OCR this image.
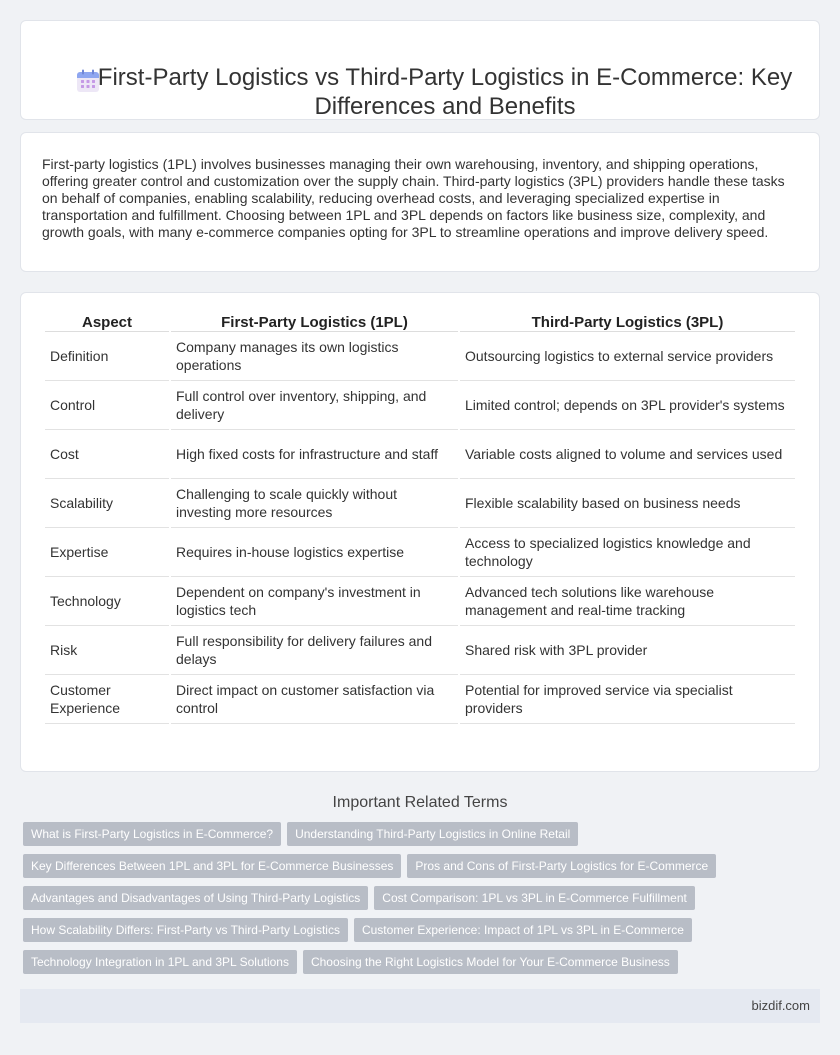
First-Party Logistics vs Third-Party Logistics in E-Commerce: Key Differences and Benefits

First-party logistics (1PL) involves businesses managing their own warehousing, inventory, and shipping operations, offering greater control and customization over the supply chain. Third-party logistics (3PL) providers handle these tasks on behalf of companies, enabling scalability, reducing overhead costs, and leveraging specialized expertise in transportation and fulfillment. Choosing between 1PL and 3PL depends on factors like business size, complexity, and growth goals, with many e-commerce companies opting for 3PL to streamline operations and improve delivery speed.

Aspect	First-Party Logistics (1PL)	Third-Party Logistics (3PL)
Definition	Company manages its own logistics operations	Outsourcing logistics to external service providers
Control	Full control over inventory, shipping, and delivery	Limited control; depends on 3PL provider's systems
Cost	High fixed costs for infrastructure and staff	Variable costs aligned to volume and services used
Scalability	Challenging to scale quickly without investing more resources	Flexible scalability based on business needs
Expertise	Requires in-house logistics expertise	Access to specialized logistics knowledge and technology
Technology	Dependent on company's investment in logistics tech	Advanced tech solutions like warehouse management and real-time tracking
Risk	Full responsibility for delivery failures and delays	Shared risk with 3PL provider
Customer Experience	Direct impact on customer satisfaction via control	Potential for improved service via specialist providers
Important Related Terms
What is First-Party Logistics in E-Commerce? Understanding Third-Party Logistics in Online Retail
Key Differences Between 1PL and 3PL for E-Commerce Businesses Pros and Cons of First-Party Logistics for E-Commerce
Advantages and Disadvantages of Using Third-Party Logistics Cost Comparison: 1PL vs 3PL in E-Commerce Fulfillment
How Scalability Differs: First-Party vs Third-Party Logistics Customer Experience: Impact of 1PL vs 3PL in E-Commerce
Technology Integration in 1PL and 3PL Solutions Choosing the Right Logistics Model for Your E-Commerce Business
bizdif.com
